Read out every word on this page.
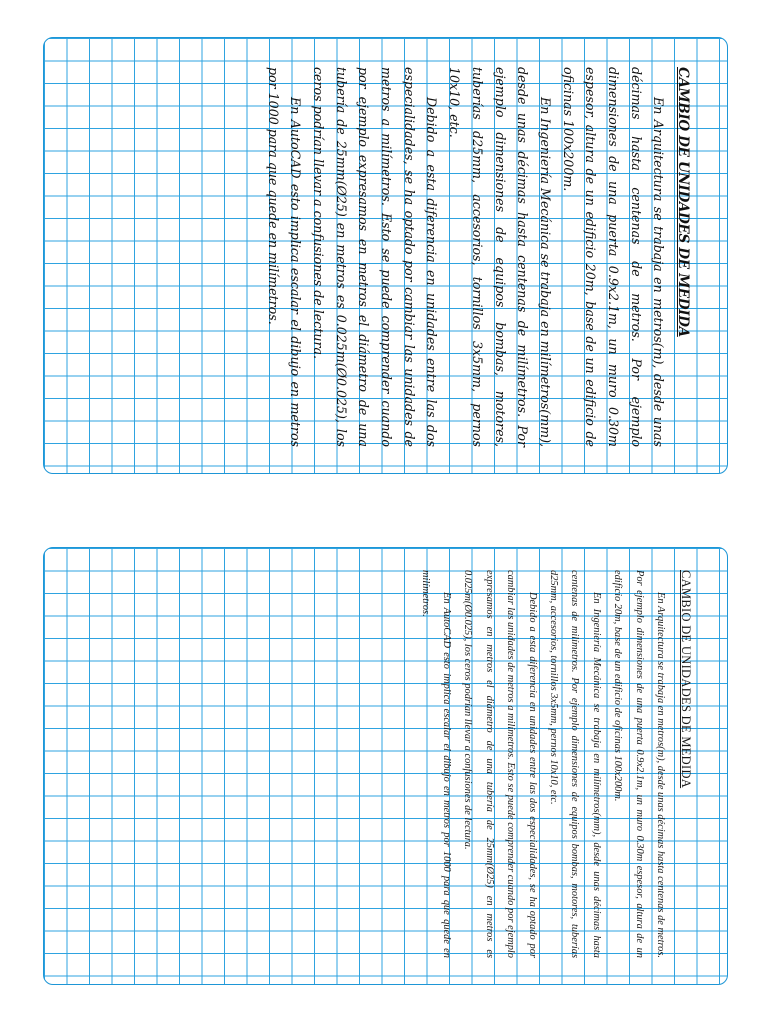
CAMBIO DE UNIDADES DE MEDIDA

En Arquitectura se trabaja en metros(m), desde unas décimas hasta centenas de metros. Por ejemplo dimensiones de una puerta 0.9x2.1m, un muro 0.30m espesor, altura de un edificio 20m, base de un edificio de oficinas 100x200m.

En Ingeniería Mecánica se trabaja en milímetros(mm), desde unas décimas hasta centenas de milímetros. Por ejemplo dimensiones de equipos bombas, motores, tuberías d25mm, accesorios, tornillos 3x5mm, pernos 10x10, etc.

Debido a esta diferencia en unidades entre las dos especialidades, se ha optado por cambiar las unidades de metros a milímetros. Esto se puede comprender cuando por ejemplo expresamos en metros el diámetro de una tubería de 25mm(Ø25) en metros es 0.025m(Ø0.025), los ceros podrían llevar a confusiones de lectura.

En AutoCAD esto implica escalar el dibujo en metros por 1000 para que quede en milímetros.

CAMBIO DE UNIDADES DE MEDIDA

En Arquitectura se trabaja en metros(m), desde unas décimas hasta centenas de metros. Por ejemplo dimensiones de una puerta 0.9x2.1m, un muro 0.30m espesor, altura de un edificio 20m, base de un edificio de oficinas 100x200m.

En Ingeniería Mecánica se trabaja en milímetros(mm), desde unas décimas hasta centenas de milímetros. Por ejemplo dimensiones de equipos bombas, motores, tuberías d25mm, accesorios, tornillos 3x5mm, pernos 10x10, etc.

Debido a esta diferencia en unidades entre las dos especialidades, se ha optado por cambiar las unidades de metros a milímetros. Esto se puede comprender cuando por ejemplo expresamos en metros el diámetro de una tubería de 25mm(Ø25) en metros es 0.025m(Ø0.025), los ceros podrían llevar a confusiones de lectura.

En AutoCAD esto implica escalar el dibujo en metros por 1000 para que quede en milímetros.
